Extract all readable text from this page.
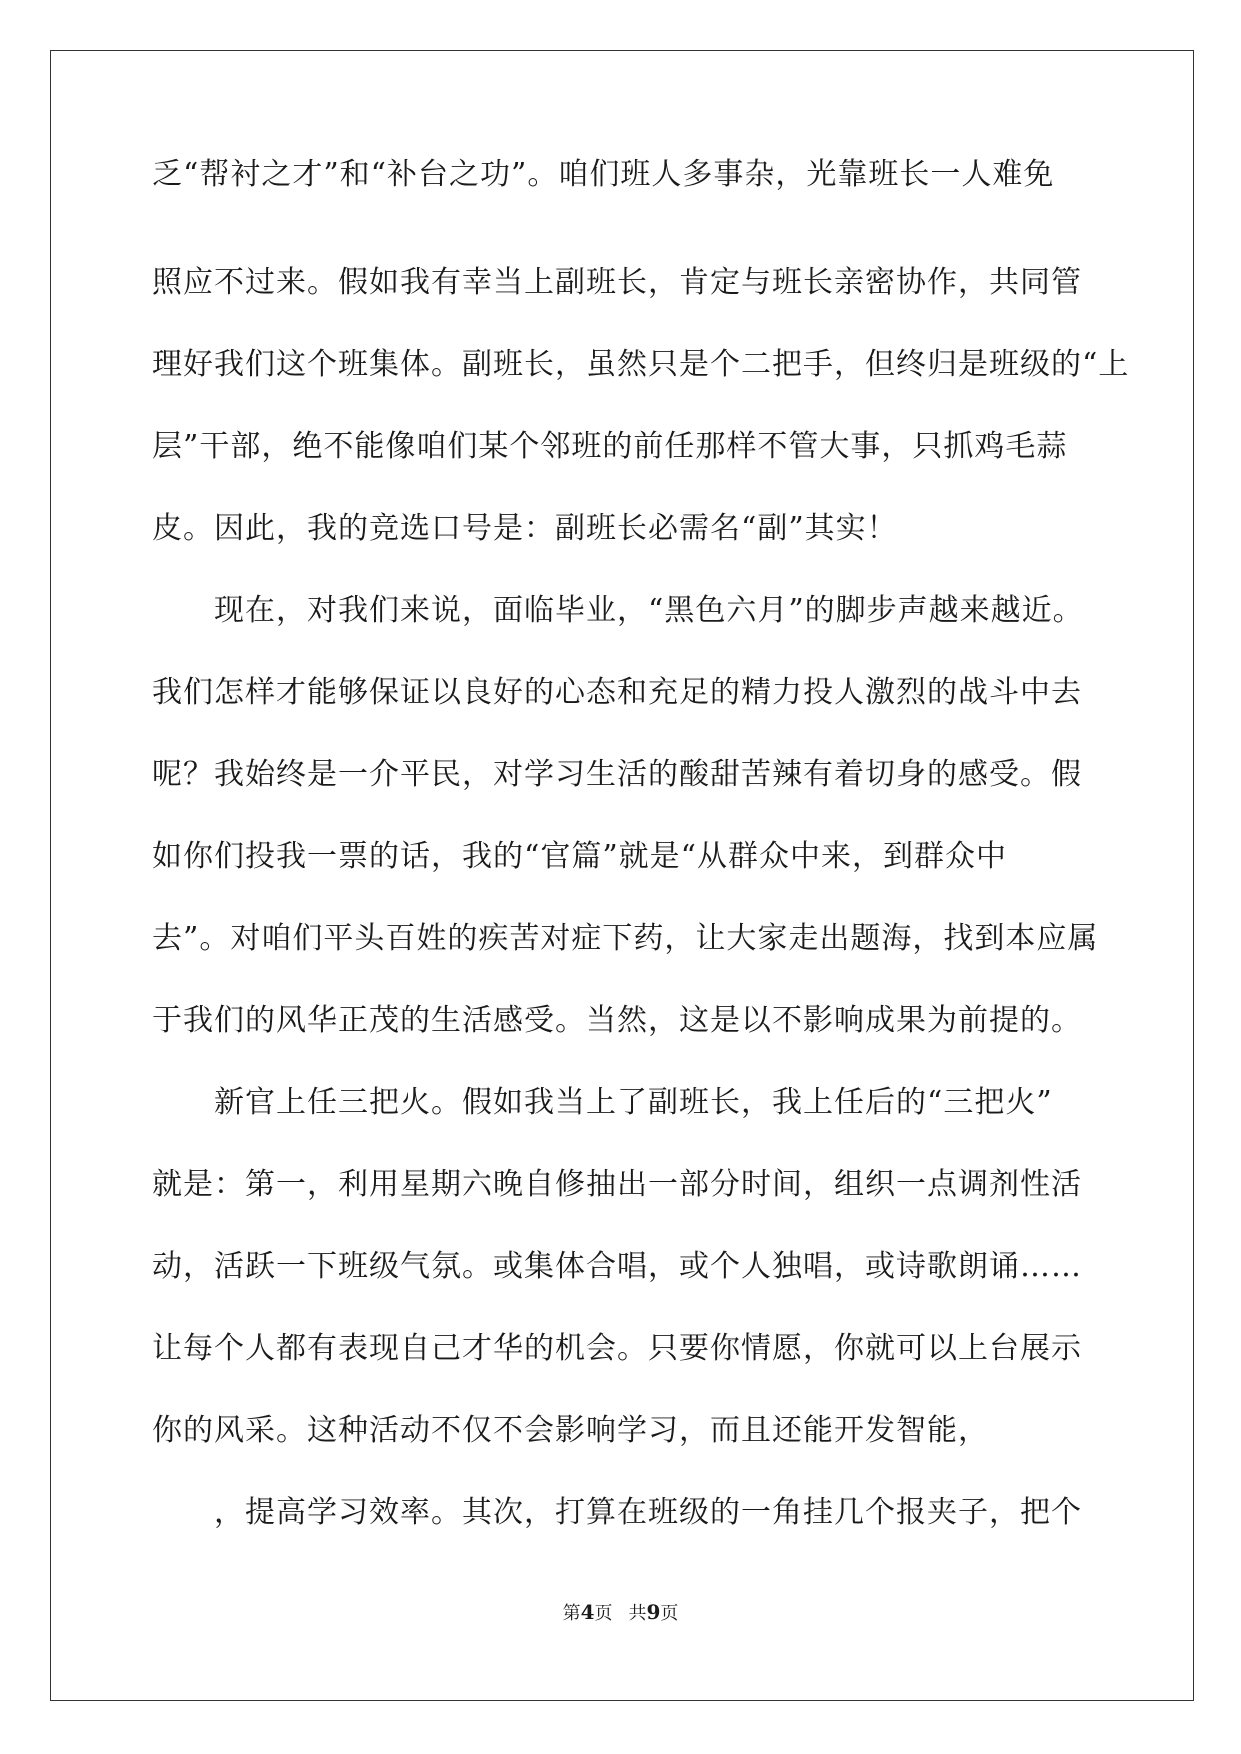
乏“帮衬之才”和“补台之功”。咱们班人多事杂，光靠班长一人难免
照应不过来。假如我有幸当上副班长，肯定与班长亲密协作，共同管
理好我们这个班集体。副班长，虽然只是个二把手，但终归是班级的“上
层”干部，绝不能像咱们某个邻班的前任那样不管大事，只抓鸡毛蒜
皮。因此，我的竞选口号是：副班长必需名“副”其实！
　　现在，对我们来说，面临毕业，“黑色六月”的脚步声越来越近。
我们怎样才能够保证以良好的心态和充足的精力投人激烈的战斗中去
呢？我始终是一介平民，对学习生活的酸甜苦辣有着切身的感受。假
如你们投我一票的话，我的“官篇”就是“从群众中来，到群众中
去”。对咱们平头百姓的疾苦对症下药，让大家走出题海，找到本应属
于我们的风华正茂的生活感受。当然，这是以不影响成果为前提的。
　　新官上任三把火。假如我当上了副班长，我上任后的“三把火”
就是：第一，利用星期六晚自修抽出一部分时间，组织一点调剂性活
动，活跃一下班级气氛。或集体合唱，或个人独唱，或诗歌朗诵……
让每个人都有表现自己才华的机会。只要你情愿，你就可以上台展示
你的风采。这种活动不仅不会影响学习，而且还能开发智能，
　　，提高学习效率。其次，打算在班级的一角挂几个报夹子，把个
第4页 共9页
